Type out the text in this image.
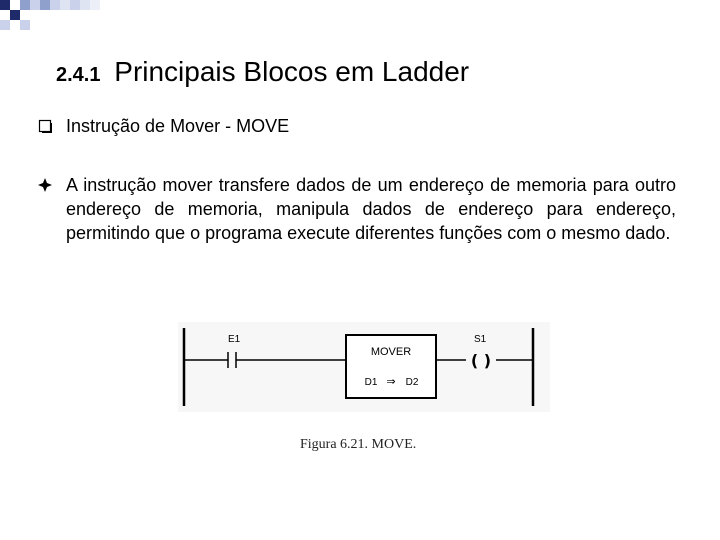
2.4.1 Principais Blocos em Ladder
Instrução de Mover - MOVE
A instrução mover transfere dados de um endereço de memoria para outro endereço de memoria, manipula dados de endereço para endereço, permitindo que o programa execute diferentes funções com o mesmo dado.
E1
MOVER
D1 ⇒ D2
( )
S1
Figura 6.21. MOVE.
